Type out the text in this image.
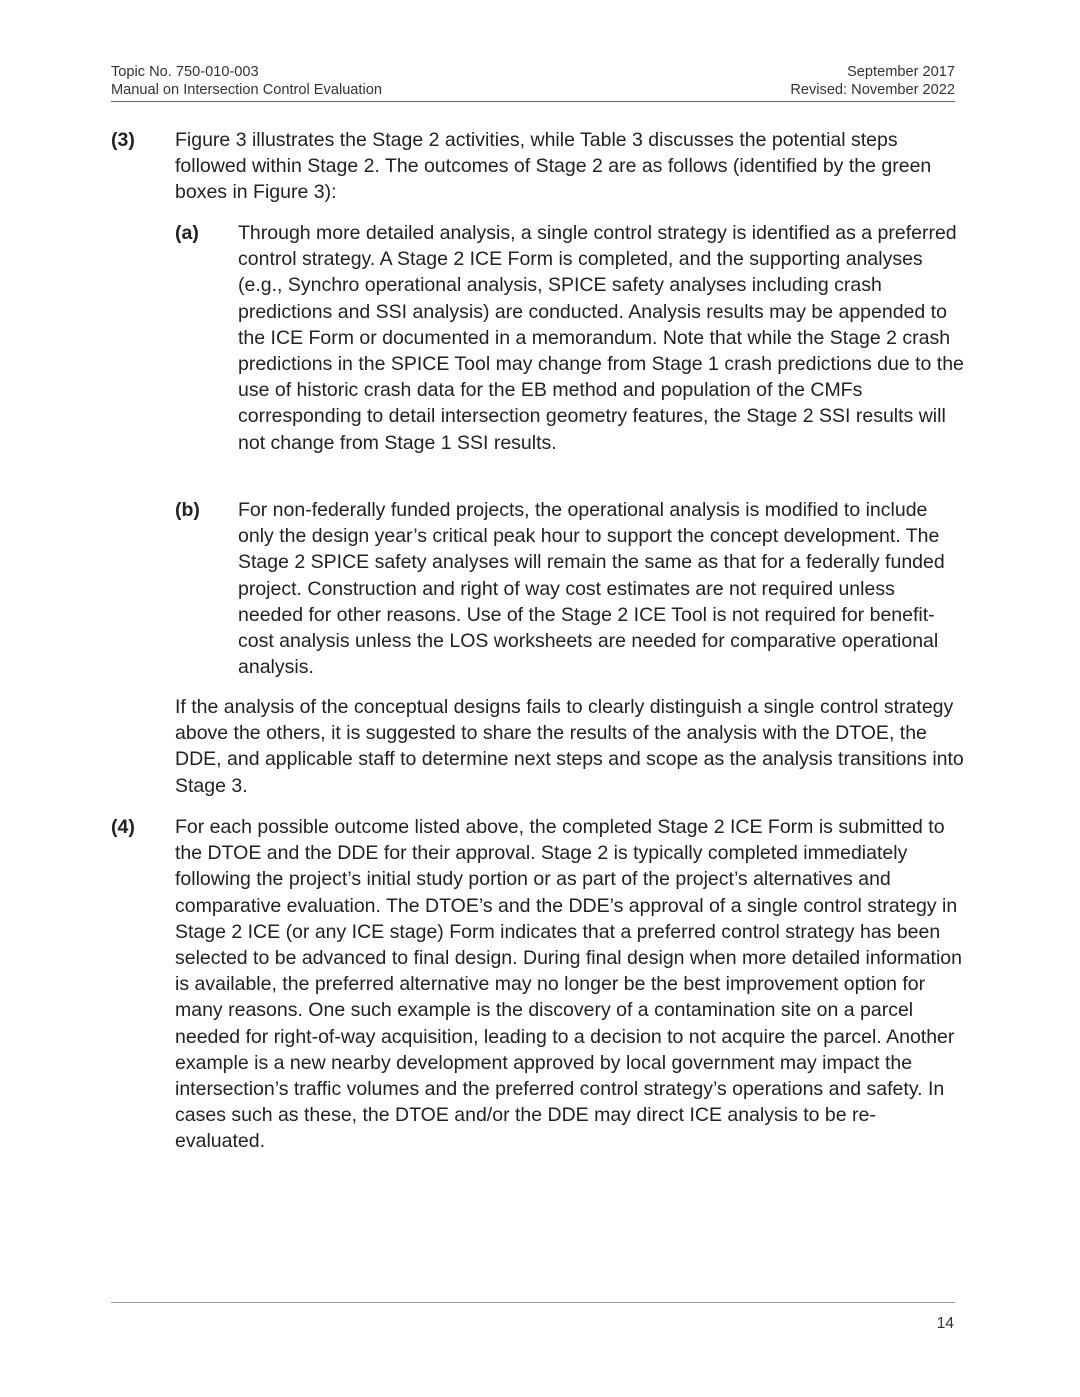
Topic No. 750-010-003
Manual on Intersection Control Evaluation
September 2017
Revised: November 2022
(3) Figure 3 illustrates the Stage 2 activities, while Table 3 discusses the potential steps followed within Stage 2. The outcomes of Stage 2 are as follows (identified by the green boxes in Figure 3):
(a) Through more detailed analysis, a single control strategy is identified as a preferred control strategy. A Stage 2 ICE Form is completed, and the supporting analyses (e.g., Synchro operational analysis, SPICE safety analyses including crash predictions and SSI analysis) are conducted. Analysis results may be appended to the ICE Form or documented in a memorandum. Note that while the Stage 2 crash predictions in the SPICE Tool may change from Stage 1 crash predictions due to the use of historic crash data for the EB method and population of the CMFs corresponding to detail intersection geometry features, the Stage 2 SSI results will not change from Stage 1 SSI results.
(b) For non-federally funded projects, the operational analysis is modified to include only the design year’s critical peak hour to support the concept development. The Stage 2 SPICE safety analyses will remain the same as that for a federally funded project. Construction and right of way cost estimates are not required unless needed for other reasons. Use of the Stage 2 ICE Tool is not required for benefit-cost analysis unless the LOS worksheets are needed for comparative operational analysis.
If the analysis of the conceptual designs fails to clearly distinguish a single control strategy above the others, it is suggested to share the results of the analysis with the DTOE, the DDE, and applicable staff to determine next steps and scope as the analysis transitions into Stage 3.
(4) For each possible outcome listed above, the completed Stage 2 ICE Form is submitted to the DTOE and the DDE for their approval. Stage 2 is typically completed immediately following the project’s initial study portion or as part of the project’s alternatives and comparative evaluation. The DTOE’s and the DDE’s approval of a single control strategy in Stage 2 ICE (or any ICE stage) Form indicates that a preferred control strategy has been selected to be advanced to final design. During final design when more detailed information is available, the preferred alternative may no longer be the best improvement option for many reasons. One such example is the discovery of a contamination site on a parcel needed for right-of-way acquisition, leading to a decision to not acquire the parcel. Another example is a new nearby development approved by local government may impact the intersection’s traffic volumes and the preferred control strategy’s operations and safety. In cases such as these, the DTOE and/or the DDE may direct ICE analysis to be re-evaluated.
14
